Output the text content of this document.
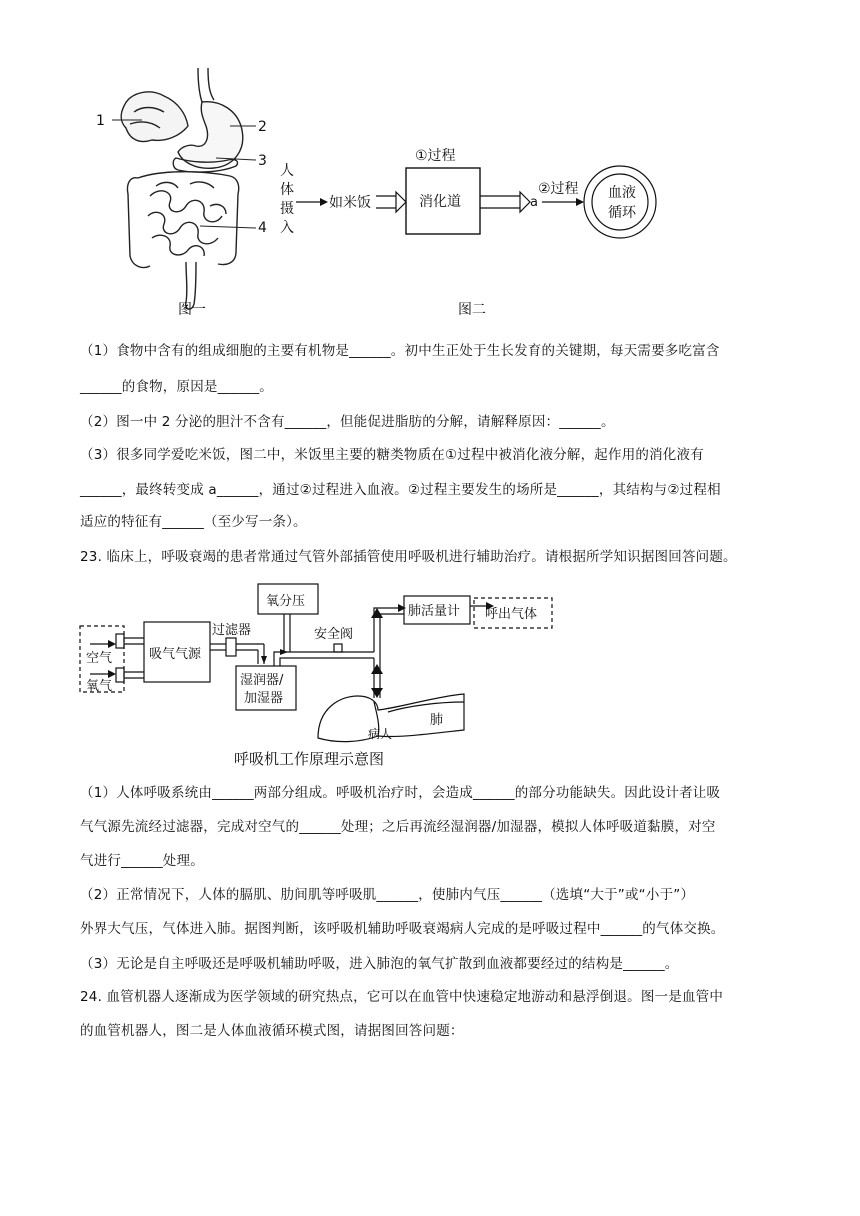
1	2
3
4
图一
人
体
摄
入
如米饭
①过程
消化道	a
②过程 血液
循环
图二
（1）食物中含有的组成细胞的主要有机物是______。初中生正处于生长发育的关键期，每天需要多吃富含
______的食物，原因是______。
（2）图一中 2 分泌的胆汁不含有______，但能促进脂肪的分解，请解释原因：______。
（3）很多同学爱吃米饭，图二中，米饭里主要的糖类物质在①过程中被消化液分解，起作用的消化液有
______，最终转变成 a______，通过②过程进入血液。②过程主要发生的场所是______，其结构与②过程相
适应的特征有______（至少写一条）。
23. 临床上，呼吸衰竭的患者常通过气管外部插管使用呼吸机进行辅助治疗。请根据所学知识据图回答问题。
空气
氧气
吸气气源
过滤器
氧分压
安全阀
肺活量计 呼出气体
湿润器/
加湿器
肺
病人
呼吸机工作原理示意图
（1）人体呼吸系统由______两部分组成。呼吸机治疗时，会造成______的部分功能缺失。因此设计者让吸
气气源先流经过滤器，完成对空气的______处理；之后再流经湿润器/加湿器，模拟人体呼吸道黏膜，对空
气进行______处理。
（2）正常情况下，人体的膈肌、肋间肌等呼吸肌______，使肺内气压______（选填“大于”或“小于”）
外界大气压，气体进入肺。据图判断，该呼吸机辅助呼吸衰竭病人完成的是呼吸过程中______的气体交换。
（3）无论是自主呼吸还是呼吸机辅助呼吸，进入肺泡的氧气扩散到血液都要经过的结构是______。
24. 血管机器人逐渐成为医学领域的研究热点，它可以在血管中快速稳定地游动和悬浮倒退。图一是血管中
的血管机器人，图二是人体血液循环模式图，请据图回答问题：
